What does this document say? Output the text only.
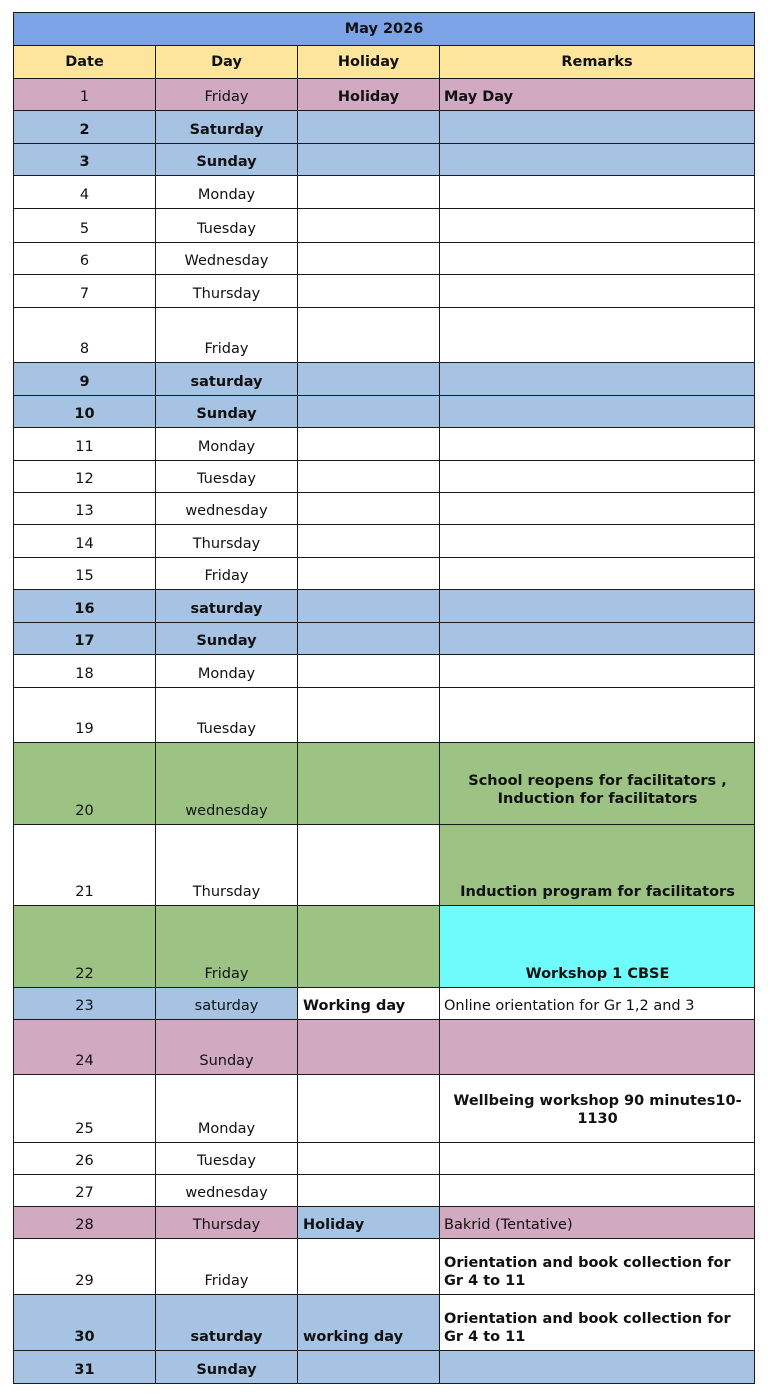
May 2026			
Date	Day	Holiday	Remarks
1	Friday	Holiday	May Day
2	Saturday		
3	Sunday		
4	Monday		
5	Tuesday		
6	Wednesday		
7	Thursday		
8	Friday		
9	saturday		
10	Sunday		
11	Monday		
12	Tuesday		
13	wednesday		
14	Thursday		
15	Friday		
16	saturday		
17	Sunday		
18	Monday		
19	Tuesday		
20	wednesday		School reopens for facilitators , Induction for facilitators
21	Thursday		Induction program for facilitators
22	Friday		Workshop 1 CBSE
23	saturday	Working day	Online orientation for Gr 1,2 and 3
24	Sunday		
25	Monday		Wellbeing workshop 90 minutes10-1130
26	Tuesday		
27	wednesday		
28	Thursday	Holiday	Bakrid (Tentative)
29	Friday		Orientation and book collection for Gr 4 to 11
30	saturday	working day	Orientation and book collection for Gr 4 to 11
31	Sunday		
